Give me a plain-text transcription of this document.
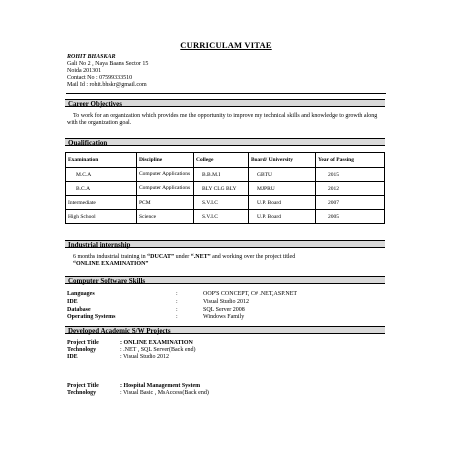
CURRICULAM VITAE
ROHIT BHASKAR
Gali No 2 , Naya Baans Sector 15
Noida 201301
Contact No : 07599333510
Mail Id : rohit.bhskr@gmail.com
Career Objectives
To work for an organization which provides me the opportunity to improve my technical skills and knowledge to growth along with the organization goal.
Qualification
Examination	Discipline	College	Board/ University	Year of Passing
M.C.A	Computer Applications	B.B.M.I	GBTU	2015
B.C.A	Computer Applications	BLY CLG BLY	MJPRU	2012
Intermediate	PCM	S.V.I.C	U.P. Board	2007
High School	Science	S.V.I.C	U.P. Board	2005
Industrial internship
6 months industrial training in “DUCAT” under “.NET” and working over the project titled
“ONLINE EXAMINATION”
Computer Software Skills
Languages	:	OOP'S CONCEPT, C# .NET,ASP.NET
IDE	:	Visual Studio 2012
Database	:	SQL Server 2008
Operating Systems	:	Windows Family
Developed Academic S/W Projects
Project Title	: ONLINE EXAMINATION
Technology	: .NET , SQL Server(Back end)
IDE	: Visual Studio 2012
Project Title	: Hospital Management System
Technology	: Visual Basic , MsAccess(Back end)
